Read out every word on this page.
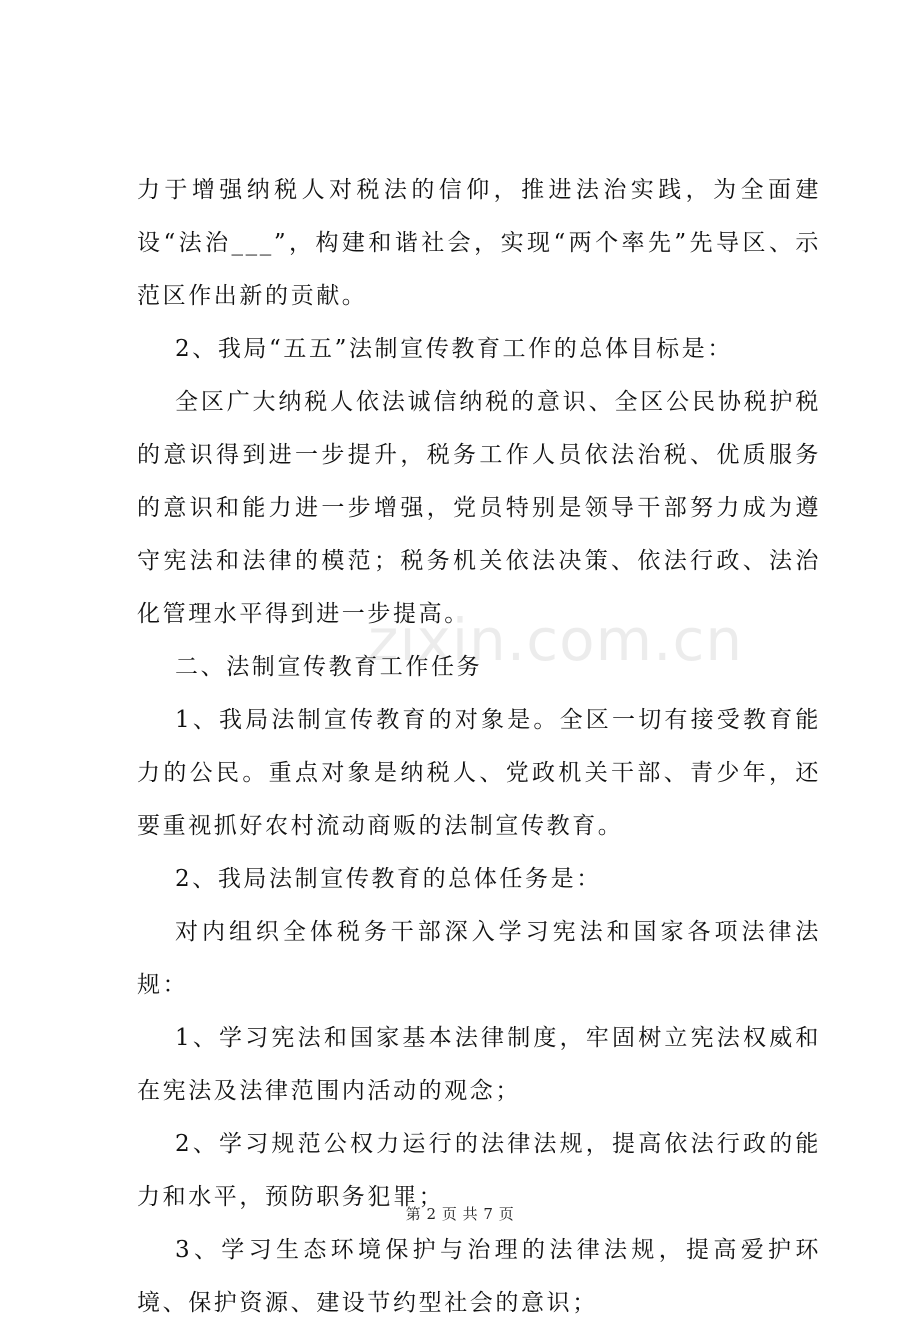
力于增强纳税人对税法的信仰，推进法治实践，为全面建设“法治___”，构建和谐社会，实现“两个率先”先导区、示范区作出新的贡献。

2、我局“五五”法制宣传教育工作的总体目标是：

全区广大纳税人依法诚信纳税的意识、全区公民协税护税的意识得到进一步提升，税务工作人员依法治税、优质服务的意识和能力进一步增强，党员特别是领导干部努力成为遵守宪法和法律的模范；税务机关依法决策、依法行政、法治化管理水平得到进一步提高。

二、法制宣传教育工作任务

1、我局法制宣传教育的对象是。全区一切有接受教育能力的公民。重点对象是纳税人、党政机关干部、青少年，还要重视抓好农村流动商贩的法制宣传教育。

2、我局法制宣传教育的总体任务是：

对内组织全体税务干部深入学习宪法和国家各项法律法规：

1、学习宪法和国家基本法律制度，牢固树立宪法权威和在宪法及法律范围内活动的观念；

2、学习规范公权力运行的法律法规，提高依法行政的能力和水平，预防职务犯罪；

3、学习生态环境保护与治理的法律法规，提高爱护环境、保护资源、建设节约型社会的意识；

zixin.com.cn
第 2 页 共 7 页
